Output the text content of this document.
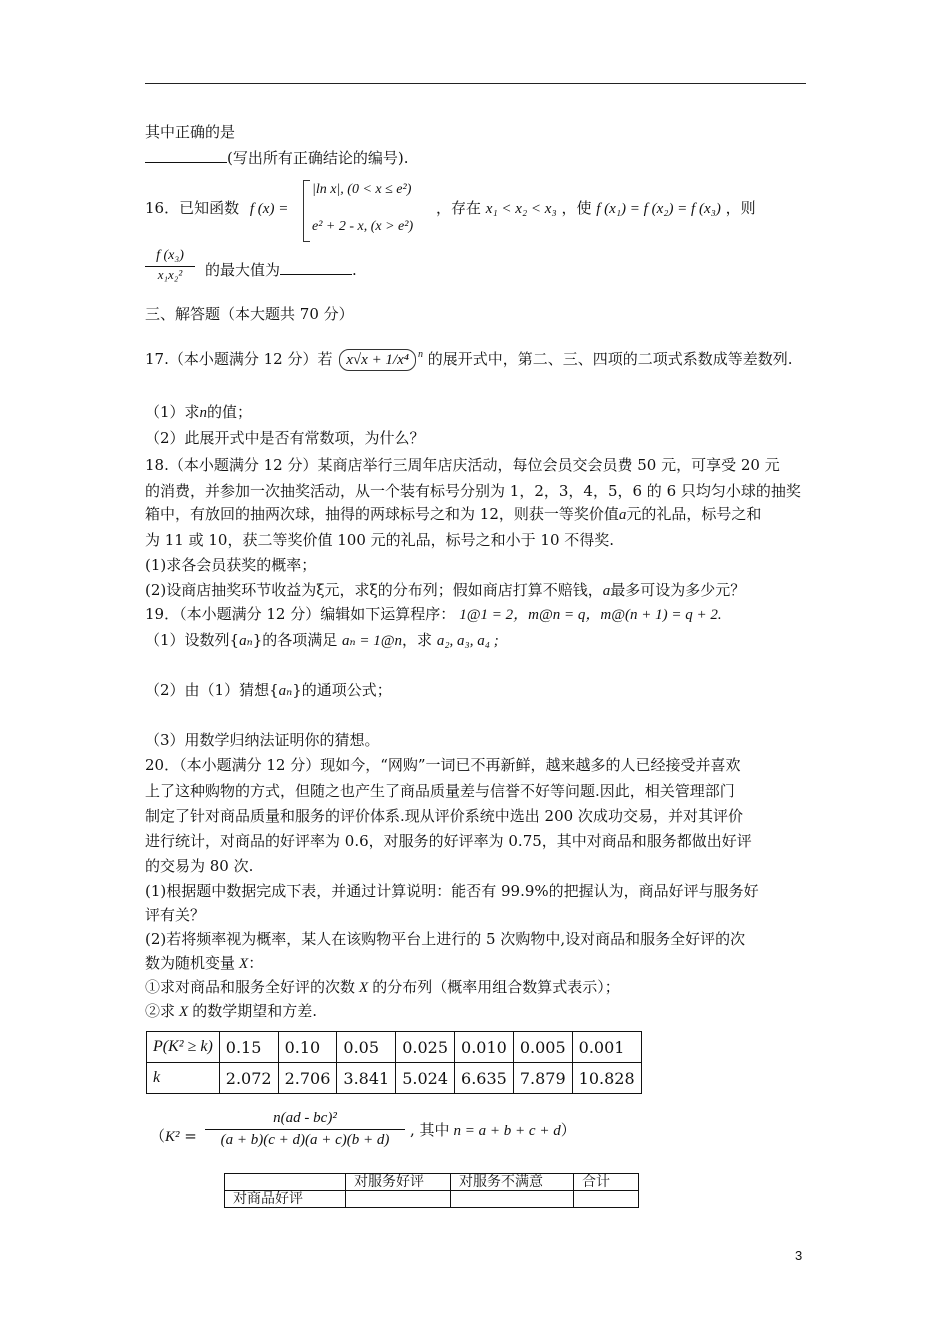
其中正确的是
(写出所有正确结论的编号).
16．已知函数 f (x) =
|ln x|, (0 < x ≤ e²)
e² + 2 - x, (x > e²)
，存在 x₁ < x₂ < x₃ ，使 f (x₁) = f (x₂) = f (x₃) ，则
$\frac{\text{f (x₃)}}{\text{x₁x₂²}}$ 的最大值为	.
三、解答题（本大题共 70 分）
17.（本小题满分 12 分）若 x√x + 1/x⁴ $^n$ 的展开式中，第二、三、四项的二项式系数成等差数列.
（1）求n的值；
（2）此展开式中是否有常数项，为什么？
18.（本小题满分 12 分）某商店举行三周年店庆活动，每位会员交会员费 50 元，可享受 20 元
的消费，并参加一次抽奖活动，从一个装有标号分别为 1，2，3，4，5，6 的 6 只均匀小球的抽奖
箱中，有放回的抽两次球，抽得的两球标号之和为 12，则获一等奖价值a元的礼品，标号之和
为 11 或 10，获二等奖价值 100 元的礼品，标号之和小于 10 不得奖.
(1)求各会员获奖的概率；
(2)设商店抽奖环节收益为ξ元，求ξ的分布列；假如商店打算不赔钱，a最多可设为多少元？
19．（本小题满分 12 分）编辑如下运算程序： 1@1 = 2，m@n = q，m@(n + 1) = q + 2.
（1）设数列{aₙ}的各项满足 aₙ = 1@n，求 a₂, a₃, a₄ ;
（2）由（1）猜想{aₙ}的通项公式；
（3）用数学归纳法证明你的猜想。
20．（本小题满分 12 分）现如今，“网购”一词已不再新鲜，越来越多的人已经接受并喜欢
上了这种购物的方式，但随之也产生了商品质量差与信誉不好等问题.因此，相关管理部门
制定了针对商品质量和服务的评价体系.现从评价系统中选出 200 次成功交易，并对其评价
进行统计，对商品的好评率为 0.6，对服务的好评率为 0.75，其中对商品和服务都做出好评
的交易为 80 次.
(1)根据题中数据完成下表，并通过计算说明：能否有 99.9%的把握认为，商品好评与服务好
评有关？
(2)若将频率视为概率，某人在该购物平台上进行的 5 次购物中,设对商品和服务全好评的次
数为随机变量 X：
①求对商品和服务全好评的次数 X 的分布列（概率用组合数算式表示）；
②求 X 的数学期望和方差.
P(K² ≥ k)	0.15	0.10	0.05	0.025	0.010	0.005	0.001
k	2.072	2.706	3.841	5.024	6.635	7.879	10.828
（$K^2 = \frac{\text{n(ad - bc)²}}{(a + b)(c + d)(a + c)(b + d)}$ , 其中 n = a + b + c + d）
	对服务好评	对服务不满意	合计
对商品好评			
3
